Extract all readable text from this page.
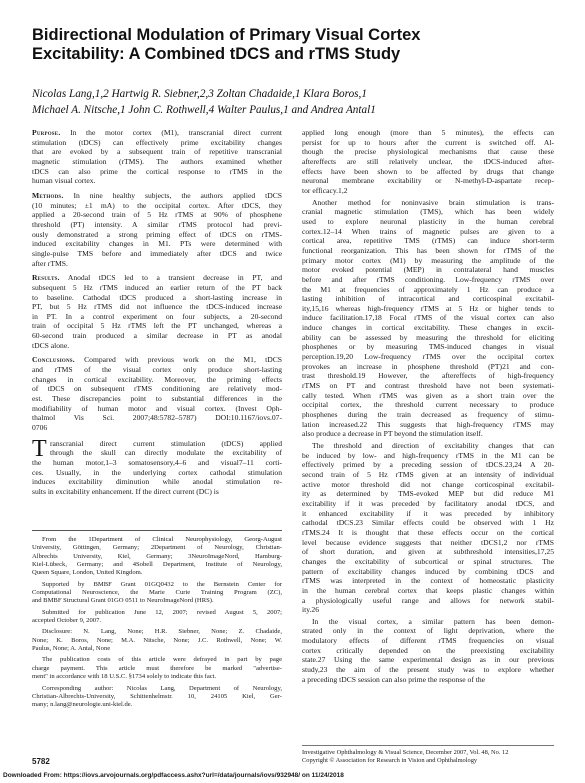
Bidirectional Modulation of Primary Visual Cortex
Excitability: A Combined tDCS and rTMS Study
Nicolas Lang,1,2 Hartwig R. Siebner,2,3 Zoltan Chadaide,1 Klara Boros,1
Michael A. Nitsche,1 John C. Rothwell,4 Walter Paulus,1 and Andrea Antal1
Purpose. In the motor cortex (M1), transcranial direct current
stimulation (tDCS) can effectively prime excitability changes
that are evoked by a subsequent train of repetitive transcranial
magnetic stimulation (rTMS). The authors examined whether
tDCS can also prime the cortical response to rTMS in the
human visual cortex.
Methods. In nine healthy subjects, the authors applied tDCS
(10 minutes; ±1 mA) to the occipital cortex. After tDCS, they
applied a 20-second train of 5 Hz rTMS at 90% of phosphene
threshold (PT) intensity. A similar rTMS protocol had previ-
ously demonstrated a strong priming effect of tDCS on rTMS-
induced excitability changes in M1. PTs were determined with
single-pulse TMS before and immediately after tDCS and twice
after rTMS.
Results. Anodal tDCS led to a transient decrease in PT, and
subsequent 5 Hz rTMS induced an earlier return of the PT back
to baseline. Cathodal tDCS produced a short-lasting increase in
PT, but 5 Hz rTMS did not influence the tDCS-induced increase
in PT. In a control experiment on four subjects, a 20-second
train of occipital 5 Hz rTMS left the PT unchanged, whereas a
60-second train produced a similar decrease in PT as anodal
tDCS alone.
Conclusions. Compared with previous work on the M1, tDCS
and rTMS of the visual cortex only produce short-lasting
changes in cortical excitability. Moreover, the priming effects
of tDCS on subsequent rTMS conditioning are relatively mod-
est. These discrepancies point to substantial differences in the
modifiability of human motor and visual cortex. (Invest Oph-
thalmol Vis Sci. 2007;48:5782–5787) DOI:10.1167/iovs.07-
0706
T ranscranial direct current stimulation (tDCS) applied
through the skull can directly modulate the excitability of
the human motor,1–3 somatosensory,4–6 and visual7–11 corti-
ces. Usually, in the underlying cortex cathodal stimulation
induces excitability diminution while anodal stimulation re-
sults in excitability enhancement. If the direct current (DC) is
From the 1Department of Clinical Neurophysiology, Georg-August
University, Göttingen, Germany; 2Department of Neurology, Christian-
Albrechts University, Kiel, Germany; 3NeuroImageNord, Hamburg-
Kiel-Lübeck, Germany; and 4Sobell Department, Institute of Neurology,
Queen Square, London, United Kingdom.
Supported by BMBF Grant 01GQ0432 to the Bernstein Center for
Computational Neuroscience, the Marie Curie Training Program (ZC),
and BMBF Structural Grant 01GO 0511 to NeuroImageNord (HRS).
Submitted for publication June 12, 2007; revised August 5, 2007;
accepted October 9, 2007.
Disclosure: N. Lang, None; H.R. Siebner, None; Z. Chadaide,
None; K. Boros, None; M.A. Nitsche, None; J.C. Rothwell, None; W.
Paulus, None; A. Antal, None
The publication costs of this article were defrayed in part by page
charge payment. This article must therefore be marked "advertise-
ment" in accordance with 18 U.S.C. §1734 solely to indicate this fact.
Corresponding author: Nicolas Lang, Department of Neurology,
Christian-Albrechts-University, Schittenhelmstr. 10, 24105 Kiel, Ger-
many; n.lang@neurologie.uni-kiel.de.
applied long enough (more than 5 minutes), the effects can
persist for up to hours after the current is switched off. Al-
though the precise physiological mechanisms that cause these
aftereffects are still relatively unclear, the tDCS-induced after-
effects have been shown to be affected by drugs that change
neuronal membrane excitability or N-methyl-D-aspartate recep-
tor efficacy.1,2
Another method for noninvasive brain stimulation is trans-
cranial magnetic stimulation (TMS), which has been widely
used to explore neuronal plasticity in the human cerebral
cortex.12–14 When trains of magnetic pulses are given to a
cortical area, repetitive TMS (rTMS) can induce short-term
functional reorganization. This has been shown for rTMS of the
primary motor cortex (M1) by measuring the amplitude of the
motor evoked potential (MEP) in contralateral hand muscles
before and after rTMS conditioning. Low-frequency rTMS over
the M1 at frequencies of approximately 1 Hz can produce a
lasting inhibition of intracortical and corticospinal excitabil-
ity,15,16 whereas high-frequency rTMS at 5 Hz or higher tends to
induce facilitation.17,18 Focal rTMS of the visual cortex can also
induce changes in cortical excitability. These changes in excit-
ability can be assessed by measuring the threshold for eliciting
phosphenes or by measuring TMS-induced changes in visual
perception.19,20 Low-frequency rTMS over the occipital cortex
provokes an increase in phosphene threshold (PT)21 and con-
trast threshold.19 However, the aftereffects of high-frequency
rTMS on PT and contrast threshold have not been systemati-
cally tested. When rTMS was given as a short train over the
occipital cortex, the threshold current necessary to produce
phosphenes during the train decreased as frequency of stimu-
lation increased.22 This suggests that high-frequency rTMS may
also produce a decrease in PT beyond the stimulation itself.
The threshold and direction of excitability changes that can
be induced by low- and high-frequency rTMS in the M1 can be
effectively primed by a preceding session of tDCS.23,24 A 20-
second train of 5 Hz rTMS given at an intensity of individual
active motor threshold did not change corticospinal excitabil-
ity as determined by TMS-evoked MEP but did reduce M1
excitability if it was preceded by facilitatory anodal tDCS, and
it enhanced excitability if it was preceded by inhibitory
cathodal tDCS.23 Similar effects could be observed with 1 Hz
rTMS.24 It is thought that these effects occur on the cortical
level because evidence suggests that neither tDCS1,2 nor rTMS
of short duration, and given at subthreshold intensities,17,25
changes the excitability of subcortical or spinal structures. The
pattern of excitability changes induced by combining tDCS and
rTMS was interpreted in the context of homeostatic plasticity
in the human cerebral cortex that keeps plastic changes within
a physiologically useful range and allows for network stabil-
ity.26
In the visual cortex, a similar pattern has been demon-
strated only in the context of light deprivation, where the
modulatory effects of different rTMS frequencies on visual
cortex critically depended on the preexisting excitability
state.27 Using the same experimental design as in our previous
study,23 the aim of the present study was to explore whether
a preceding tDCS session can also prime the response of the
5782
Investigative Ophthalmology & Visual Science, December 2007, Vol. 48, No. 12
Copyright © Association for Research in Vision and Ophthalmology
Downloaded From: https://iovs.arvojournals.org/pdfaccess.ashx?url=/data/journals/iovs/932948/ on 11/24/2018
